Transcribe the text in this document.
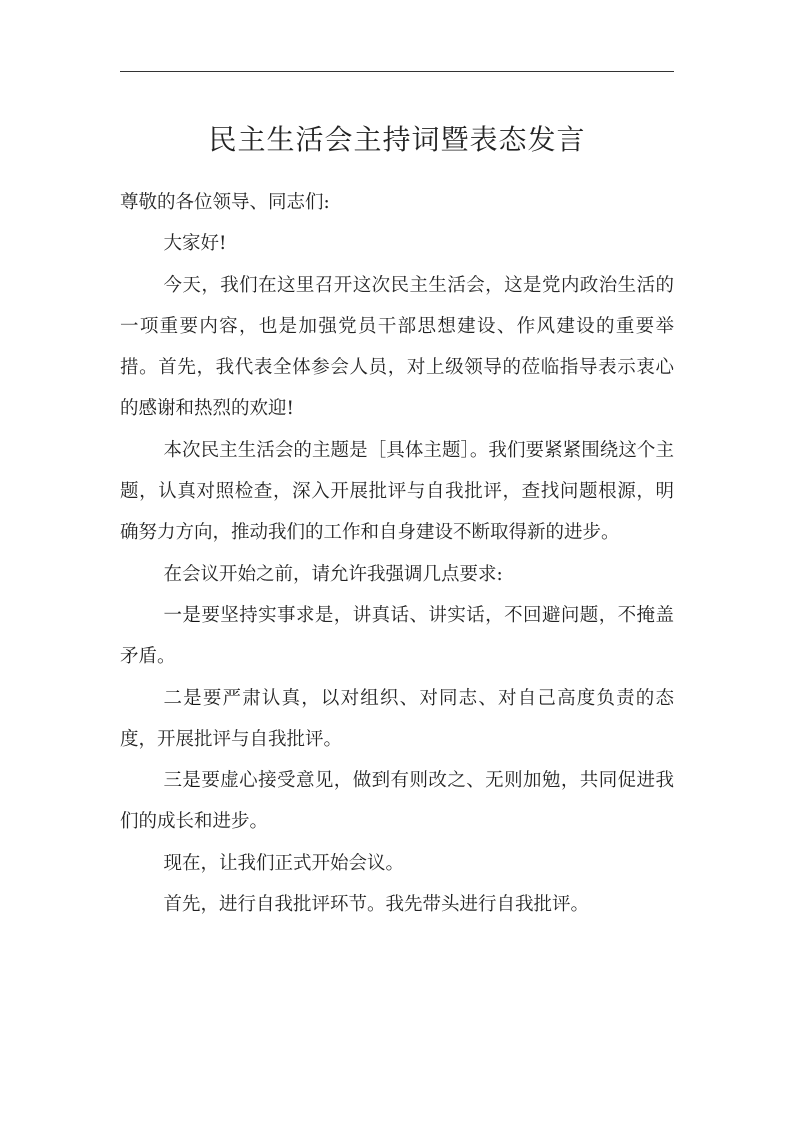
民主生活会主持词暨表态发言

尊敬的各位领导、同志们:

大家好!

今天，我们在这里召开这次民主生活会，这是党内政治生活的一项重要内容，也是加强党员干部思想建设、作风建设的重要举措。首先，我代表全体参会人员，对上级领导的莅临指导表示衷心的感谢和热烈的欢迎!

本次民主生活会的主题是［具体主题］。我们要紧紧围绕这个主题，认真对照检查，深入开展批评与自我批评，查找问题根源，明确努力方向，推动我们的工作和自身建设不断取得新的进步。

在会议开始之前，请允许我强调几点要求:

一是要坚持实事求是，讲真话、讲实话，不回避问题，不掩盖矛盾。

二是要严肃认真，以对组织、对同志、对自己高度负责的态度，开展批评与自我批评。

三是要虚心接受意见，做到有则改之、无则加勉，共同促进我们的成长和进步。

现在，让我们正式开始会议。

首先，进行自我批评环节。我先带头进行自我批评。
